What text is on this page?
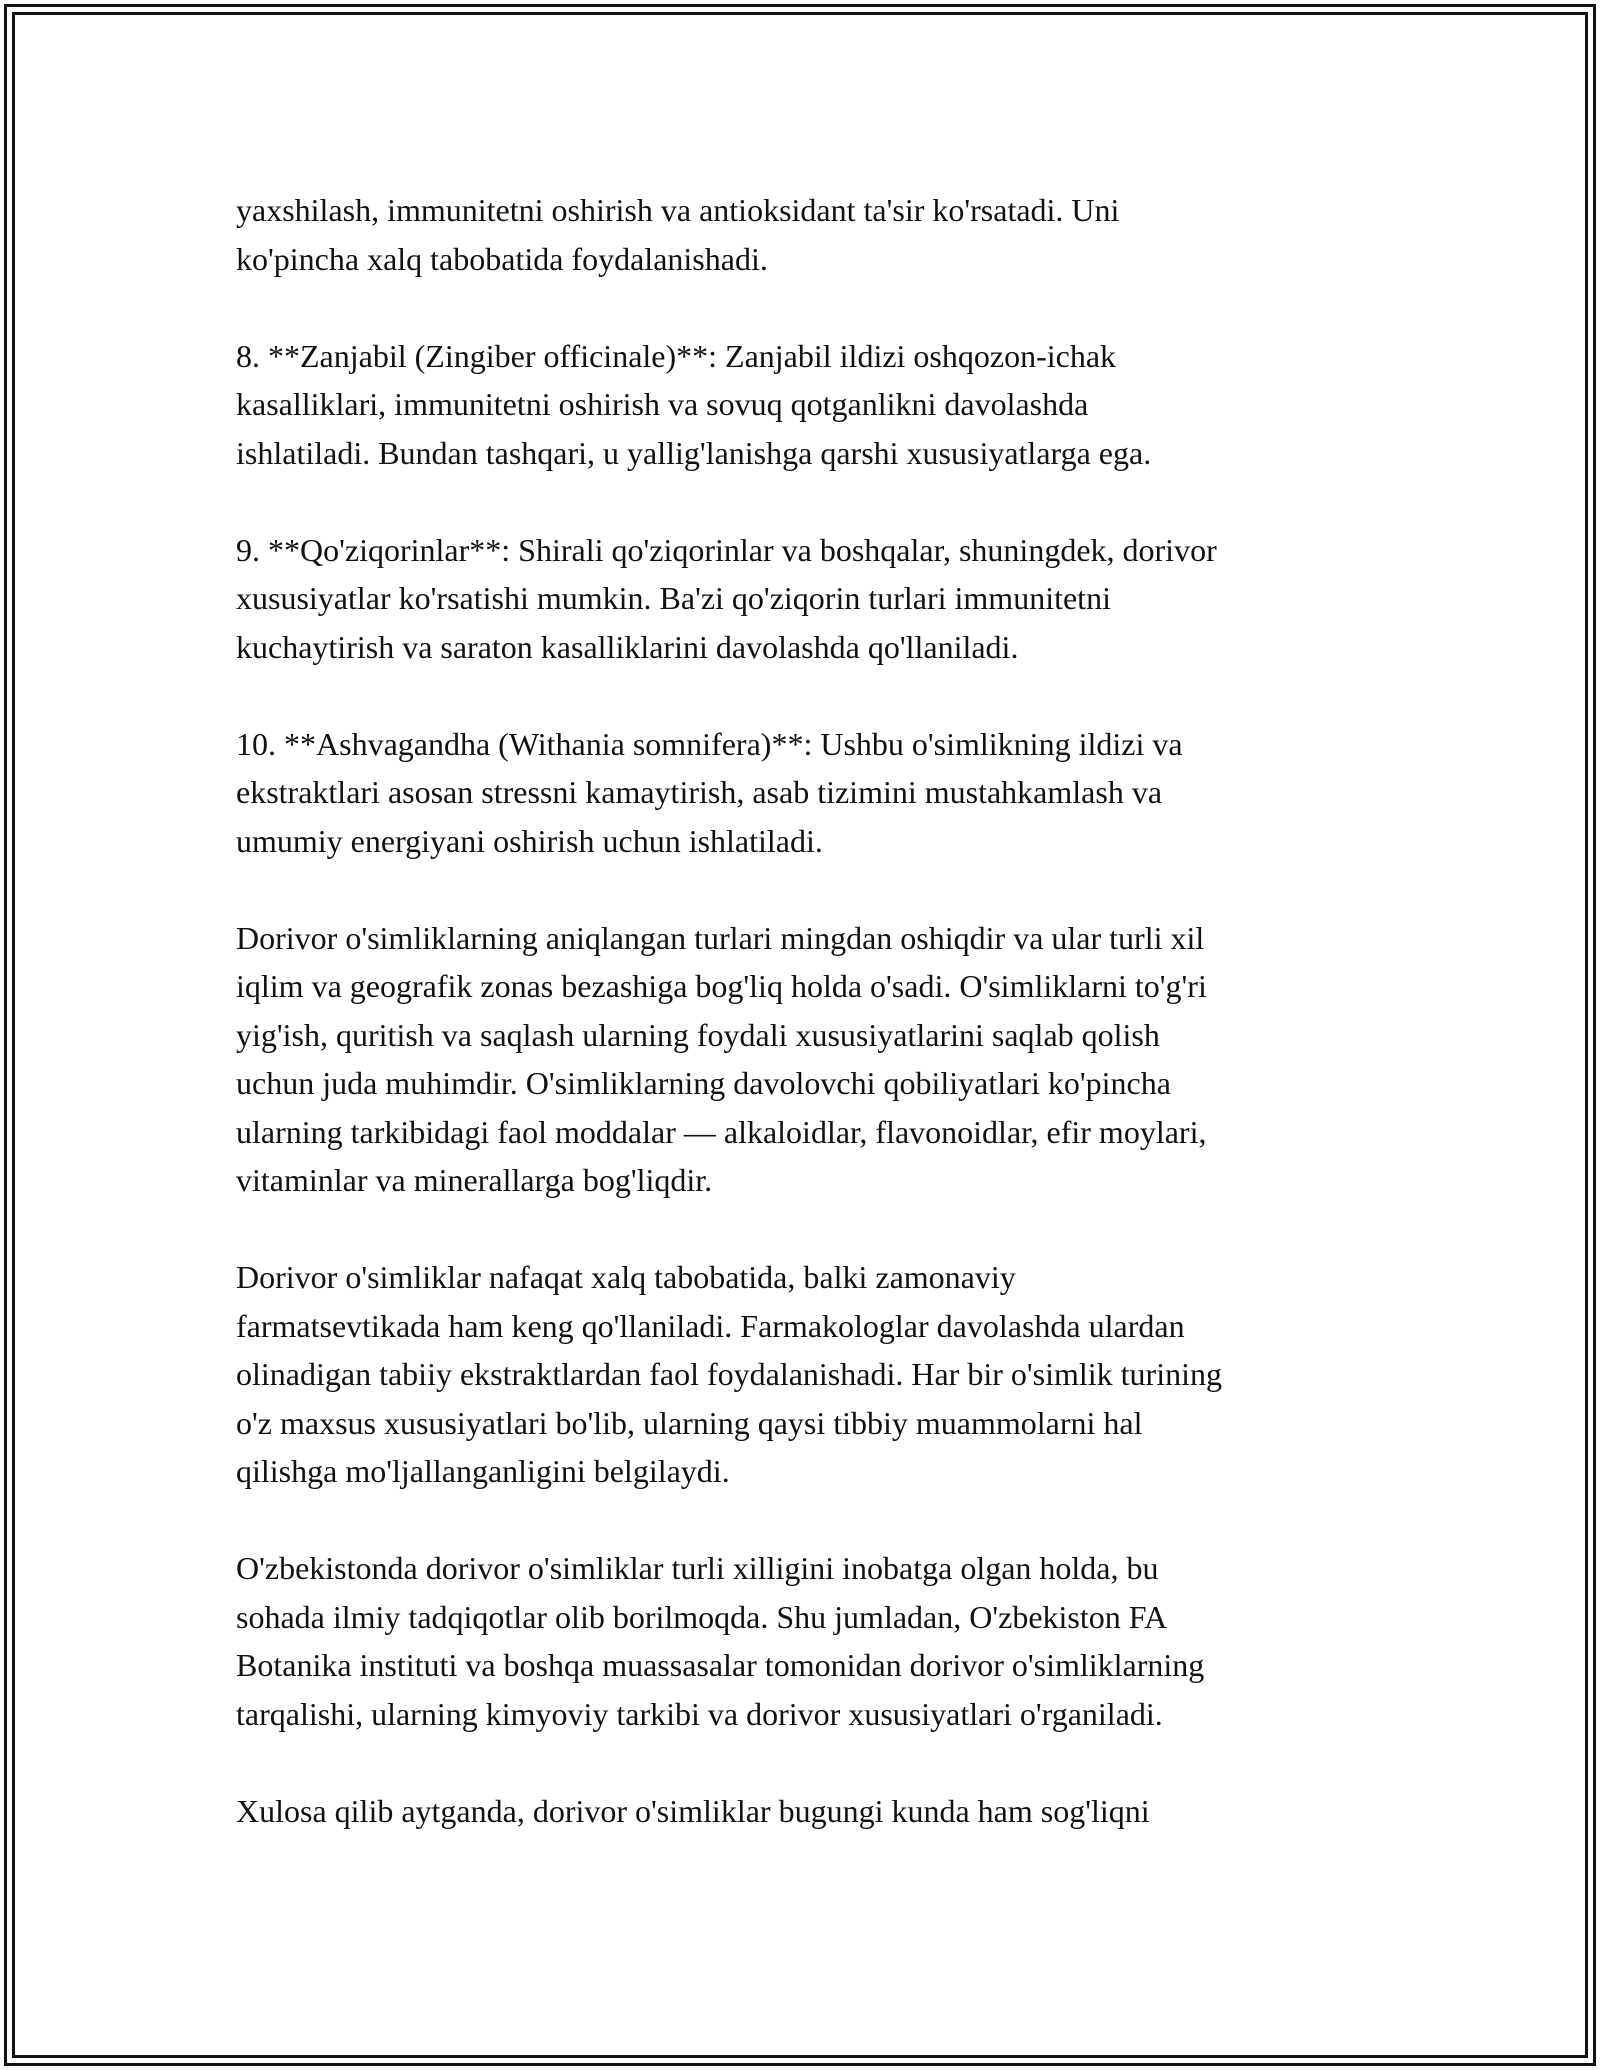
yaxshilash, immunitetni oshirish va antioksidant ta'sir ko'rsatadi. Uni
ko'pincha xalq tabobatida foydalanishadi.

8. **Zanjabil (Zingiber officinale)**: Zanjabil ildizi oshqozon-ichak
kasalliklari, immunitetni oshirish va sovuq qotganlikni davolashda
ishlatiladi. Bundan tashqari, u yallig'lanishga qarshi xususiyatlarga ega.

9. **Qo'ziqorinlar**: Shirali qo'ziqorinlar va boshqalar, shuningdek, dorivor
xususiyatlar ko'rsatishi mumkin. Ba'zi qo'ziqorin turlari immunitetni
kuchaytirish va saraton kasalliklarini davolashda qo'llaniladi.

10. **Ashvagandha (Withania somnifera)**: Ushbu o'simlikning ildizi va
ekstraktlari asosan stressni kamaytirish, asab tizimini mustahkamlash va
umumiy energiyani oshirish uchun ishlatiladi.

Dorivor o'simliklarning aniqlangan turlari mingdan oshiqdir va ular turli xil
iqlim va geografik zonas bezashiga bog'liq holda o'sadi. O'simliklarni to'g'ri
yig'ish, quritish va saqlash ularning foydali xususiyatlarini saqlab qolish
uchun juda muhimdir. O'simliklarning davolovchi qobiliyatlari ko'pincha
ularning tarkibidagi faol moddalar — alkaloidlar, flavonoidlar, efir moylari,
vitaminlar va minerallarga bog'liqdir.

Dorivor o'simliklar nafaqat xalq tabobatida, balki zamonaviy
farmatsevtikada ham keng qo'llaniladi. Farmakologlar davolashda ulardan
olinadigan tabiiy ekstraktlardan faol foydalanishadi. Har bir o'simlik turining
o'z maxsus xususiyatlari bo'lib, ularning qaysi tibbiy muammolarni hal
qilishga mo'ljallanganligini belgilaydi.

O'zbekistonda dorivor o'simliklar turli xilligini inobatga olgan holda, bu
sohada ilmiy tadqiqotlar olib borilmoqda. Shu jumladan, O'zbekiston FA
Botanika instituti va boshqa muassasalar tomonidan dorivor o'simliklarning
tarqalishi, ularning kimyoviy tarkibi va dorivor xususiyatlari o'rganiladi.

Xulosa qilib aytganda, dorivor o'simliklar bugungi kunda ham sog'liqni
